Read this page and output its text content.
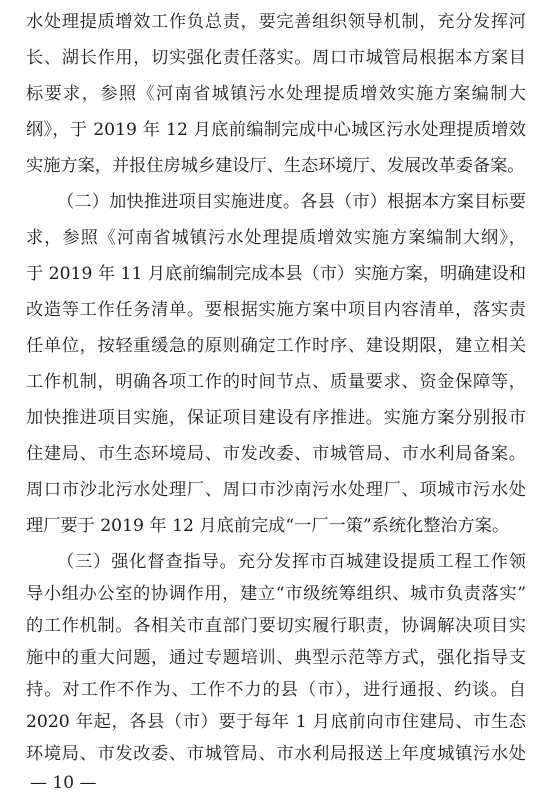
水处理提质增效工作负总责，要完善组织领导机制，充分发挥河
长、湖长作用，切实强化责任落实。周口市城管局根据本方案目
标要求，参照《河南省城镇污水处理提质增效实施方案编制大
纲》，于 2019 年 12 月底前编制完成中心城区污水处理提质增效
实施方案，并报住房城乡建设厅、生态环境厅、发展改革委备案。
（二）加快推进项目实施进度。各县（市）根据本方案目标要
求，参照《河南省城镇污水处理提质增效实施方案编制大纲》，
于 2019 年 11 月底前编制完成本县（市）实施方案，明确建设和
改造等工作任务清单。要根据实施方案中项目内容清单，落实责
任单位，按轻重缓急的原则确定工作时序、建设期限，建立相关
工作机制，明确各项工作的时间节点、质量要求、资金保障等，
加快推进项目实施，保证项目建设有序推进。实施方案分别报市
住建局、市生态环境局、市发改委、市城管局、市水利局备案。
周口市沙北污水处理厂、周口市沙南污水处理厂、项城市污水处
理厂要于 2019 年 12 月底前完成“一厂一策”系统化整治方案。
（三）强化督查指导。充分发挥市百城建设提质工程工作领
导小组办公室的协调作用，建立“市级统筹组织、城市负责落实”
的工作机制。各相关市直部门要切实履行职责，协调解决项目实
施中的重大问题，通过专题培训、典型示范等方式，强化指导支
持。对工作不作为、工作不力的县（市），进行通报、约谈。自
2020 年起，各县（市）要于每年 1 月底前向市住建局、市生态
— 10 —
环境局、市发改委、市城管局、市水利局报送上年度城镇污水处
